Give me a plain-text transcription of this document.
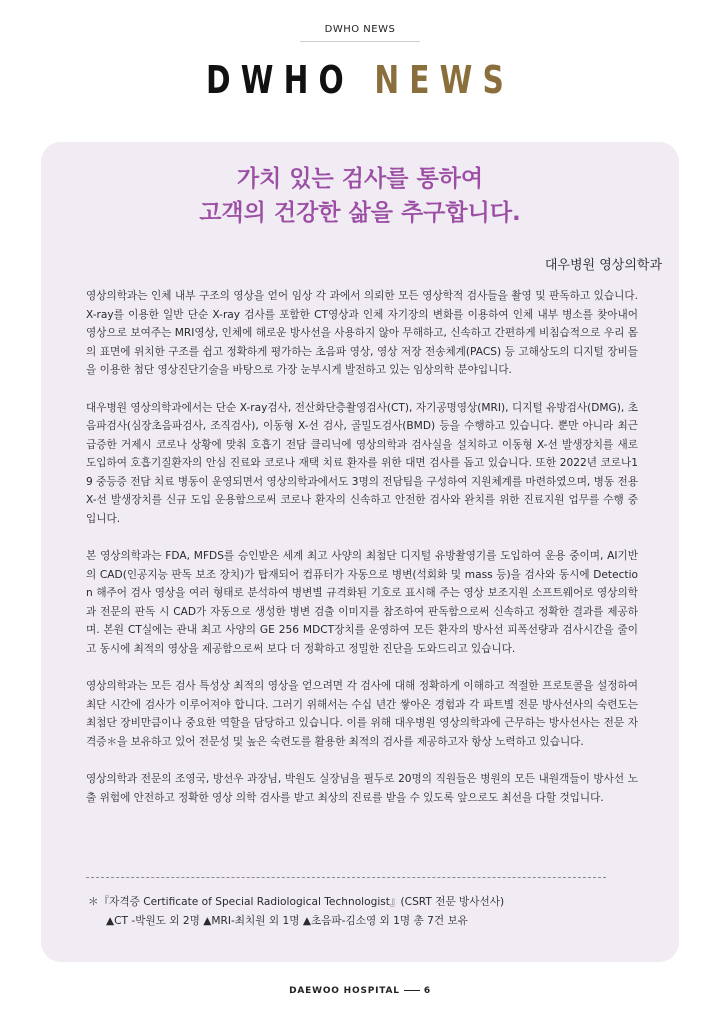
DWHO NEWS
DWHO NEWS
가치 있는 검사를 통하여
고객의 건강한 삶을 추구합니다.
대우병원 영상의학과

영상의학과는 인체 내부 구조의 영상을 얻어 임상 각 과에서 의뢰한 모든 영상학적 검사들을 촬영 및 판독하고 있습니다. X-ray를 이용한 일반 단순 X-ray 검사를 포함한 CT영상과 인체 자기장의 변화를 이용하여 인체 내부 병소를 찾아내어 영상으로 보여주는 MRI영상, 인체에 해로운 방사선을 사용하지 않아 무해하고, 신속하고 간편하게 비침습적으로 우리 몸의 표면에 위치한 구조를 쉽고 정확하게 평가하는 초음파 영상, 영상 저장 전송체계(PACS) 등 고해상도의 디지털 장비들을 이용한 첨단 영상진단기술을 바탕으로 가장 눈부시게 발전하고 있는 임상의학 분야입니다.

대우병원 영상의학과에서는 단순 X-ray검사, 전산화단층촬영검사(CT), 자기공명영상(MRI), 디지털 유방검사(DMG), 초음파검사(심장초음파검사, 조직검사), 이동형 X-선 검사, 골밀도검사(BMD) 등을 수행하고 있습니다. 뿐만 아니라 최근 급증한 거제시 코로나 상황에 맞춰 호흡기 전담 클리닉에 영상의학과 검사실을 설치하고 이동형 X-선 발생장치를 새로 도입하여 호흡기질환자의 안심 진료와 코로나 재택 치료 환자를 위한 대면 검사를 돕고 있습니다. 또한 2022년 코로나19 중등증 전담 치료 병동이 운영되면서 영상의학과에서도 3명의 전담팀을 구성하여 지원체계를 마련하였으며, 병동 전용 X-선 발생장치를 신규 도입 운용함으로써 코로나 환자의 신속하고 안전한 검사와 완치를 위한 진료지원 업무를 수행 중입니다.

본 영상의학과는 FDA, MFDS를 승인받은 세계 최고 사양의 최첨단 디지털 유방촬영기를 도입하여 운용 중이며, AI기반의 CAD(인공지능 판독 보조 장치)가 탑재되어 컴퓨터가 자동으로 병변(석회화 및 mass 등)을 검사와 동시에 Detection 해주어 검사 영상을 여러 형태로 분석하여 병변별 규격화된 기호로 표시해 주는 영상 보조지원 소프트웨어로 영상의학과 전문의 판독 시 CAD가 자동으로 생성한 병변 검출 이미지를 참조하여 판독함으로써 신속하고 정확한 결과를 제공하며. 본원 CT실에는 관내 최고 사양의 GE 256 MDCT장치를 운영하여 모든 환자의 방사선 피폭선량과 검사시간을 줄이고 동시에 최적의 영상을 제공함으로써 보다 더 정확하고 정밀한 진단을 도와드리고 있습니다.

영상의학과는 모든 검사 특성상 최적의 영상을 얻으려면 각 검사에 대해 정확하게 이해하고 적절한 프로토콜을 설정하여 최단 시간에 검사가 이루어져야 합니다. 그러기 위해서는 수십 년간 쌓아온 경험과 각 파트별 전문 방사선사의 숙련도는 최첨단 장비만큼이나 중요한 역할을 담당하고 있습니다. 이를 위해 대우병원 영상의학과에 근무하는 방사선사는 전문 자격증＊을 보유하고 있어 전문성 및 높은 숙련도를 활용한 최적의 검사를 제공하고자 항상 노력하고 있습니다.

영상의학과 전문의 조영국, 방선우 과장님, 박원도 실장님을 필두로 20명의 직원들은 병원의 모든 내원객들이 방사선 노출 위험에 안전하고 정확한 영상 의학 검사를 받고 최상의 진료를 받을 수 있도록 앞으로도 최선을 다할 것입니다.

＊『자격증 Certificate of Special Radiological Technologist』(CSRT 전문 방사선사)
▲CT -박원도 외 2명 ▲MRI-최치원 외 1명 ▲초음파-김소영 외 1명 총 7건 보유
DAEWOO HOSPITAL	6
